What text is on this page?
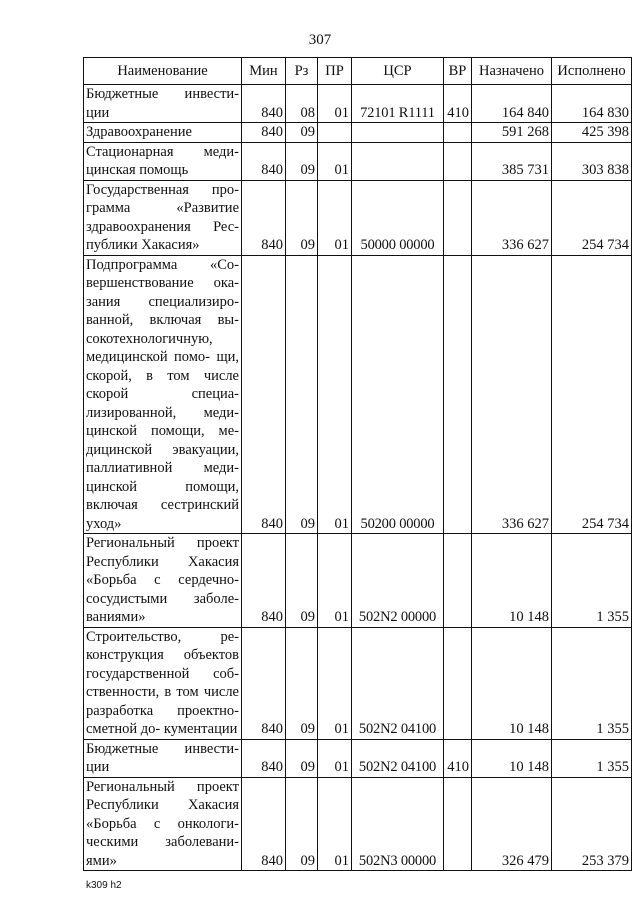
307
Наименование	Мин	Рз	ПР	ЦСР	ВР	Назначено	Исполнено
Бюджетные инвести- ции	840	08	01	72101 R1111	410	164 840	164 830
Здравоохранение	840	09				591 268	425 398
Стационарная меди- цинская помощь	840	09	01			385 731	303 838
Государственная про- грамма «Развитие здравоохранения Рес- публики Хакасия»	840	09	01	50000 00000		336 627	254 734
Подпрограмма «Со- вершенствование ока- зания специализиро- ванной, включая вы- сокотехнологичную, медицинской помо- щи, скорой, в том числе скорой специа- лизированной, меди- цинской помощи, ме- дицинской эвакуации, паллиативной меди- цинской помощи, включая сестринский уход»	840	09	01	50200 00000		336 627	254 734
Региональный проект Республики Хакасия «Борьба с сердечно- сосудистыми заболе- ваниями»	840	09	01	502N2 00000		10 148	1 355
Строительство, ре- конструкция объектов государственной соб- ственности, в том числе разработка проектно-сметной до- кументации	840	09	01	502N2 04100		10 148	1 355
Бюджетные инвести- ции	840	09	01	502N2 04100	410	10 148	1 355
Региональный проект Республики Хакасия «Борьба с онкологи- ческими заболевани- ями»	840	09	01	502N3 00000		326 479	253 379
k309 h2
